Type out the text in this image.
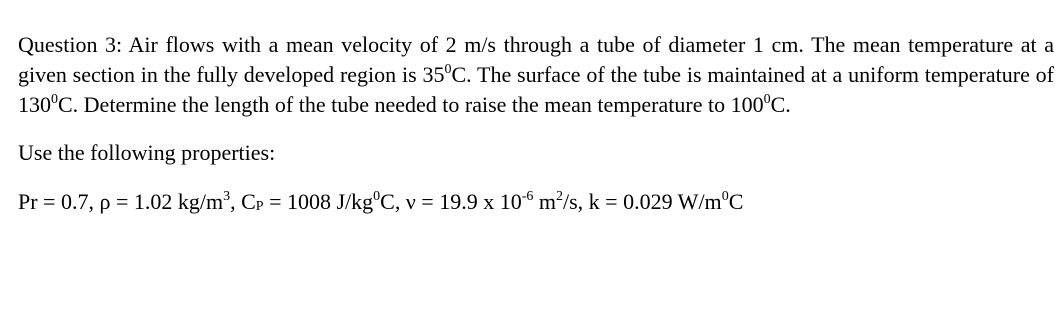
Question 3: Air flows with a mean velocity of 2 m/s through a tube of diameter 1 cm. The mean temperature at a given section in the fully developed region is $35^0C$. The surface of the tube is maintained at a uniform temperature of $130^0C$. Determine the length of the tube needed to raise the mean temperature to $100^0C$.

Use the following properties:

Pr = 0.7, ρ = 1.02 $kg/m^3$, $C_P = 1008$ $J/kg^0C$, ν = 19.9 x $10^{-6}$ $m^2/s$, k = 0.029 $W/m^0C$
